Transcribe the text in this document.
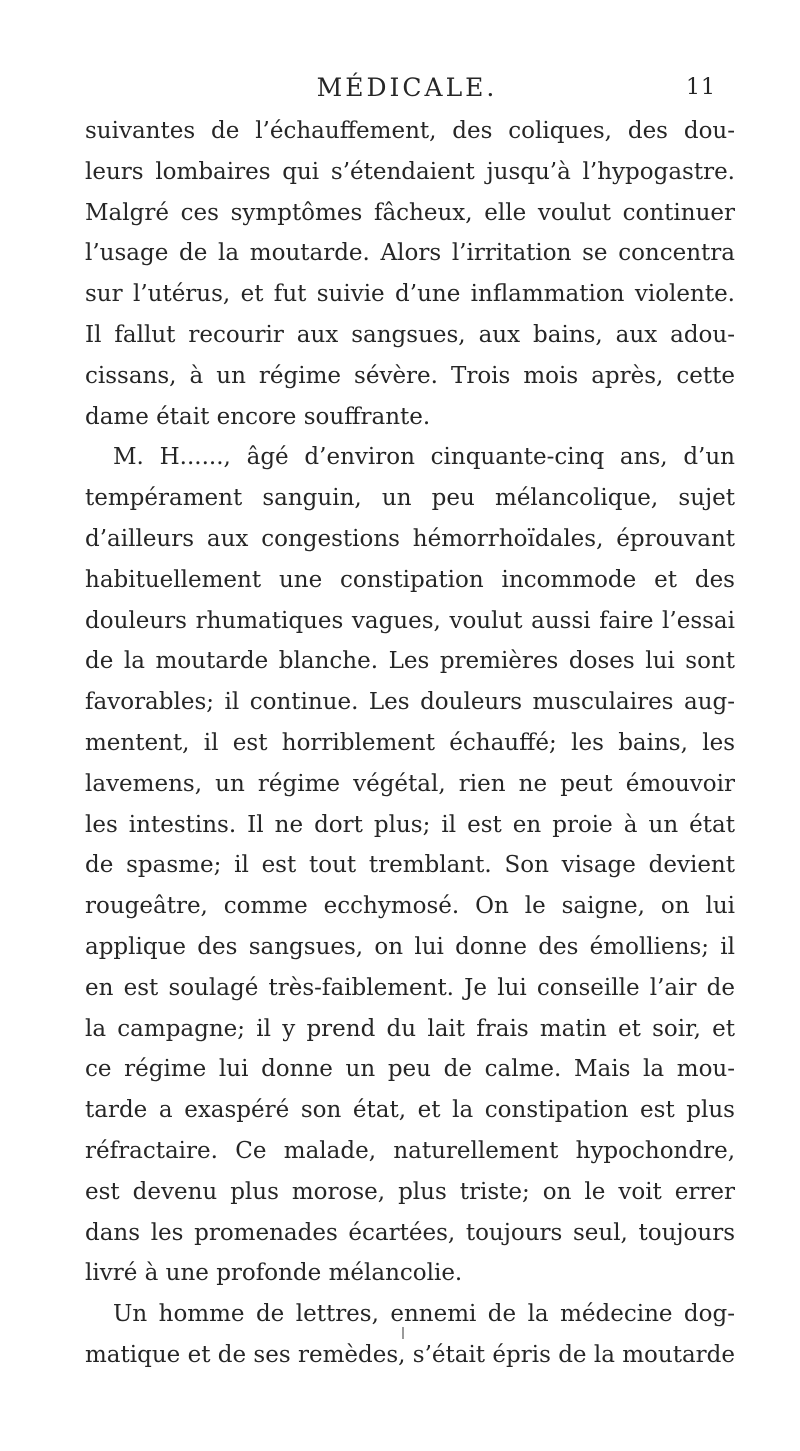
MÉDICALE.	11
suivantes de l’échauffement, des coliques, des dou-
leurs lombaires qui s’étendaient jusqu’à l’hypogastre.
Malgré ces symptômes fâcheux, elle voulut continuer
l’usage de la moutarde. Alors l’irritation se concentra
sur l’utérus, et fut suivie d’une inflammation violente.
Il fallut recourir aux sangsues, aux bains, aux adou-
cissans, à un régime sévère. Trois mois après, cette
dame était encore souffrante.
M. H......, âgé d’environ cinquante-cinq ans, d’un
tempérament sanguin, un peu mélancolique, sujet
d’ailleurs aux congestions hémorrhoïdales, éprouvant
habituellement une constipation incommode et des
douleurs rhumatiques vagues, voulut aussi faire l’essai
de la moutarde blanche. Les premières doses lui sont
favorables; il continue. Les douleurs musculaires aug-
mentent, il est horriblement échauffé; les bains, les
lavemens, un régime végétal, rien ne peut émouvoir
les intestins. Il ne dort plus; il est en proie à un état
de spasme; il est tout tremblant. Son visage devient
rougeâtre, comme ecchymosé. On le saigne, on lui
applique des sangsues, on lui donne des émolliens; il
en est soulagé très-faiblement. Je lui conseille l’air de
la campagne; il y prend du lait frais matin et soir, et
ce régime lui donne un peu de calme. Mais la mou-
tarde a exaspéré son état, et la constipation est plus
réfractaire. Ce malade, naturellement hypochondre,
est devenu plus morose, plus triste; on le voit errer
dans les promenades écartées, toujours seul, toujours
livré à une profonde mélancolie.
Un homme de lettres, ennemi de la médecine dog-
matique et de ses remèdes, s’était épris de la moutarde
